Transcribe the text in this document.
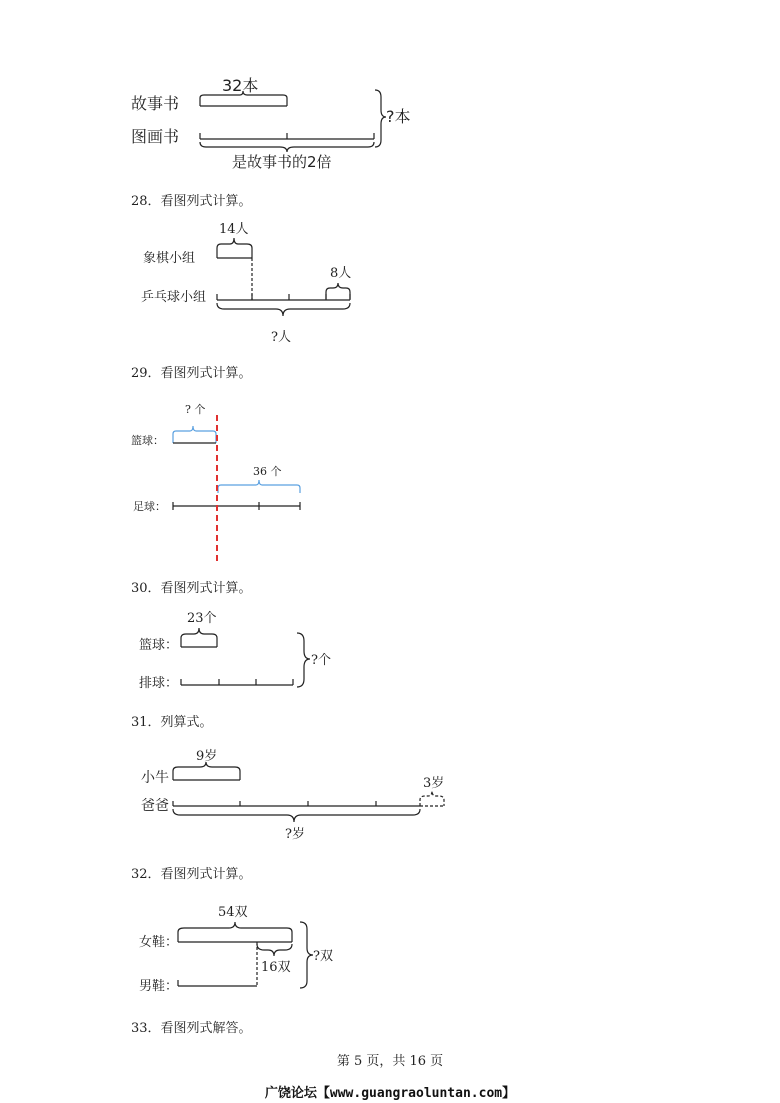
故事书
图画书
32本
是故事书的2倍
?本
象棋小组
乒乓球小组
14人
8人
?人
篮球：
足球：
? 个
36 个
篮球：
排球：
23个
?个
小牛
爸爸
9岁
3岁
?岁
女鞋：
男鞋：
54双
16双
?双
28．看图列式计算。
29．看图列式计算。
30．看图列式计算。
31．列算式。
32．看图列式计算。
33．看图列式解答。
第 5 页，共 16 页
广饶论坛【www.guangraoluntan.com】
